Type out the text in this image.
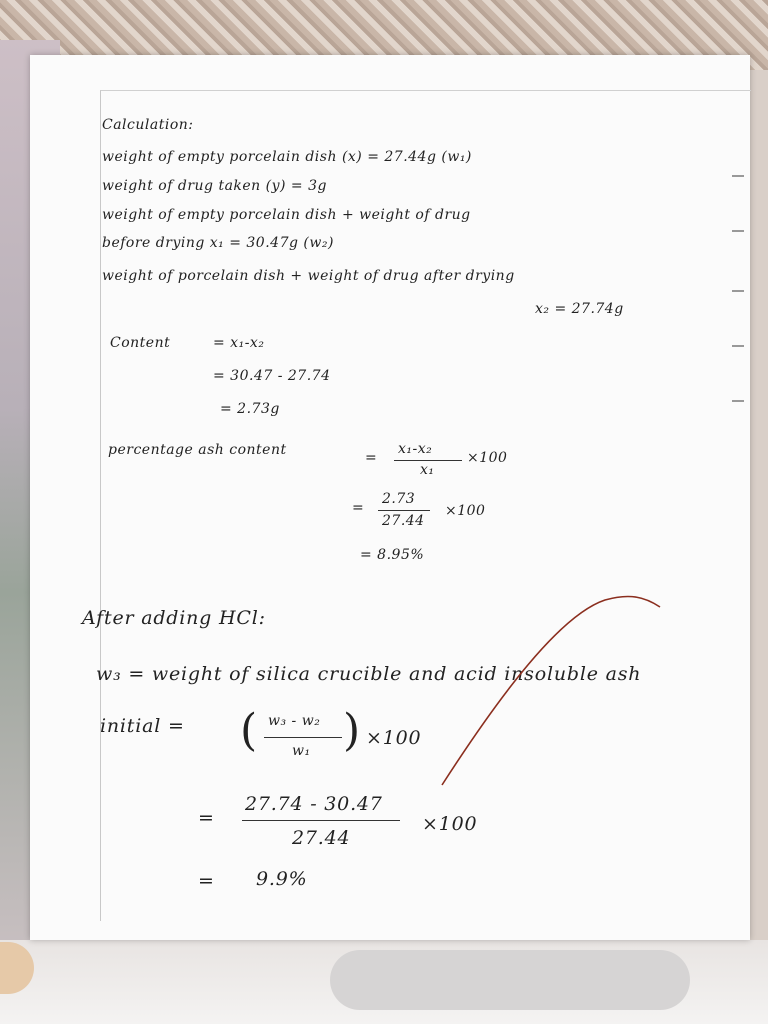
Calculation:
weight of empty porcelain dish (x) = 27.44g (w₁)
weight of drug taken (y) = 3g
weight of empty porcelain dish + weight of drug
before drying x₁ = 30.47g (w₂)
weight of porcelain dish + weight of drug after drying
x₂ = 27.74g
Content	= x₁-x₂
= 30.47 - 27.74
= 2.73g
percentage ash content	=
x₁-x₂
x₁
×100
=
2.73
27.44
×100
= 8.95%
After adding HCl:
w₃ = weight of silica crucible and acid insoluble ash
initial = ( w₃ - w₂
w₁ ) ×100
=
27.74 - 30.47
27.44
×100
= 9.9%
